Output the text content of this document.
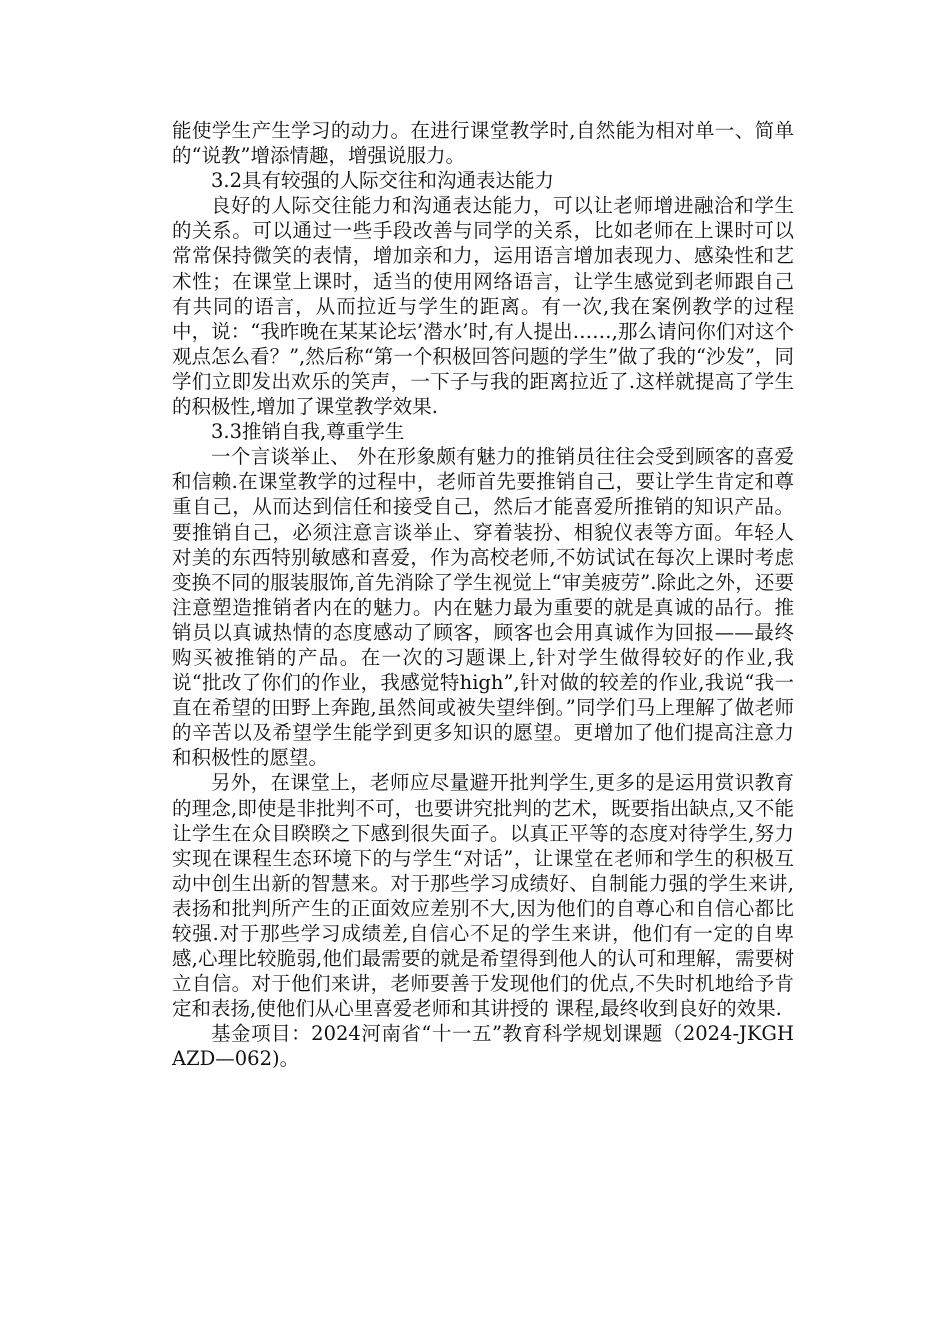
能使学生产生学习的动力。在进行课堂教学时,自然能为相对单一、简单的“说教”增添情趣，增强说服力。

3.2具有较强的人际交往和沟通表达能力

良好的人际交往能力和沟通表达能力，可以让老师增进融洽和学生的关系。可以通过一些手段改善与同学的关系，比如老师在上课时可以常常保持微笑的表情，增加亲和力，运用语言增加表现力、感染性和艺术性；在课堂上课时，适当的使用网络语言，让学生感觉到老师跟自己有共同的语言，从而拉近与学生的距离。有一次,我在案例教学的过程中，说：“我昨晚在某某论坛’潜水’时,有人提出……,那么请问你们对这个观点怎么看？”,然后称“第一个积极回答问题的学生”做了我的“沙发”，同学们立即发出欢乐的笑声，一下子与我的距离拉近了.这样就提高了学生的积极性,增加了课堂教学效果.

3.3推销自我,尊重学生

一个言谈举止、 外在形象颇有魅力的推销员往往会受到顾客的喜爱和信赖.在课堂教学的过程中，老师首先要推销自己，要让学生肯定和尊重自己，从而达到信任和接受自己，然后才能喜爱所推销的知识产品。要推销自己，必须注意言谈举止、穿着装扮、相貌仪表等方面。年轻人对美的东西特别敏感和喜爱，作为高校老师,不妨试试在每次上课时考虑变换不同的服装服饰,首先消除了学生视觉上“审美疲劳”.除此之外，还要注意塑造推销者内在的魅力。内在魅力最为重要的就是真诚的品行。推销员以真诚热情的态度感动了顾客，顾客也会用真诚作为回报——最终购买被推销的产品。在一次的习题课上,针对学生做得较好的作业,我说“批改了你们的作业，我感觉特high”,针对做的较差的作业,我说“我一直在希望的田野上奔跑,虽然间或被失望绊倒。”同学们马上理解了做老师的辛苦以及希望学生能学到更多知识的愿望。更增加了他们提高注意力和积极性的愿望。

另外，在课堂上，老师应尽量避开批判学生,更多的是运用赏识教育的理念,即使是非批判不可，也要讲究批判的艺术，既要指出缺点,又不能让学生在众目睽睽之下感到很失面子。以真正平等的态度对待学生,努力实现在课程生态环境下的与学生“对话”，让课堂在老师和学生的积极互动中创生出新的智慧来。对于那些学习成绩好、自制能力强的学生来讲,表扬和批判所产生的正面效应差别不大,因为他们的自尊心和自信心都比较强.对于那些学习成绩差,自信心不足的学生来讲，他们有一定的自卑感,心理比较脆弱,他们最需要的就是希望得到他人的认可和理解，需要树立自信。对于他们来讲，老师要善于发现他们的优点,不失时机地给予肯定和表扬,使他们从心里喜爱老师和其讲授的 课程,最终收到良好的效果.

基金项目：2024河南省“十一五”教育科学规划课题（2024-JKGHAZD—062)。
